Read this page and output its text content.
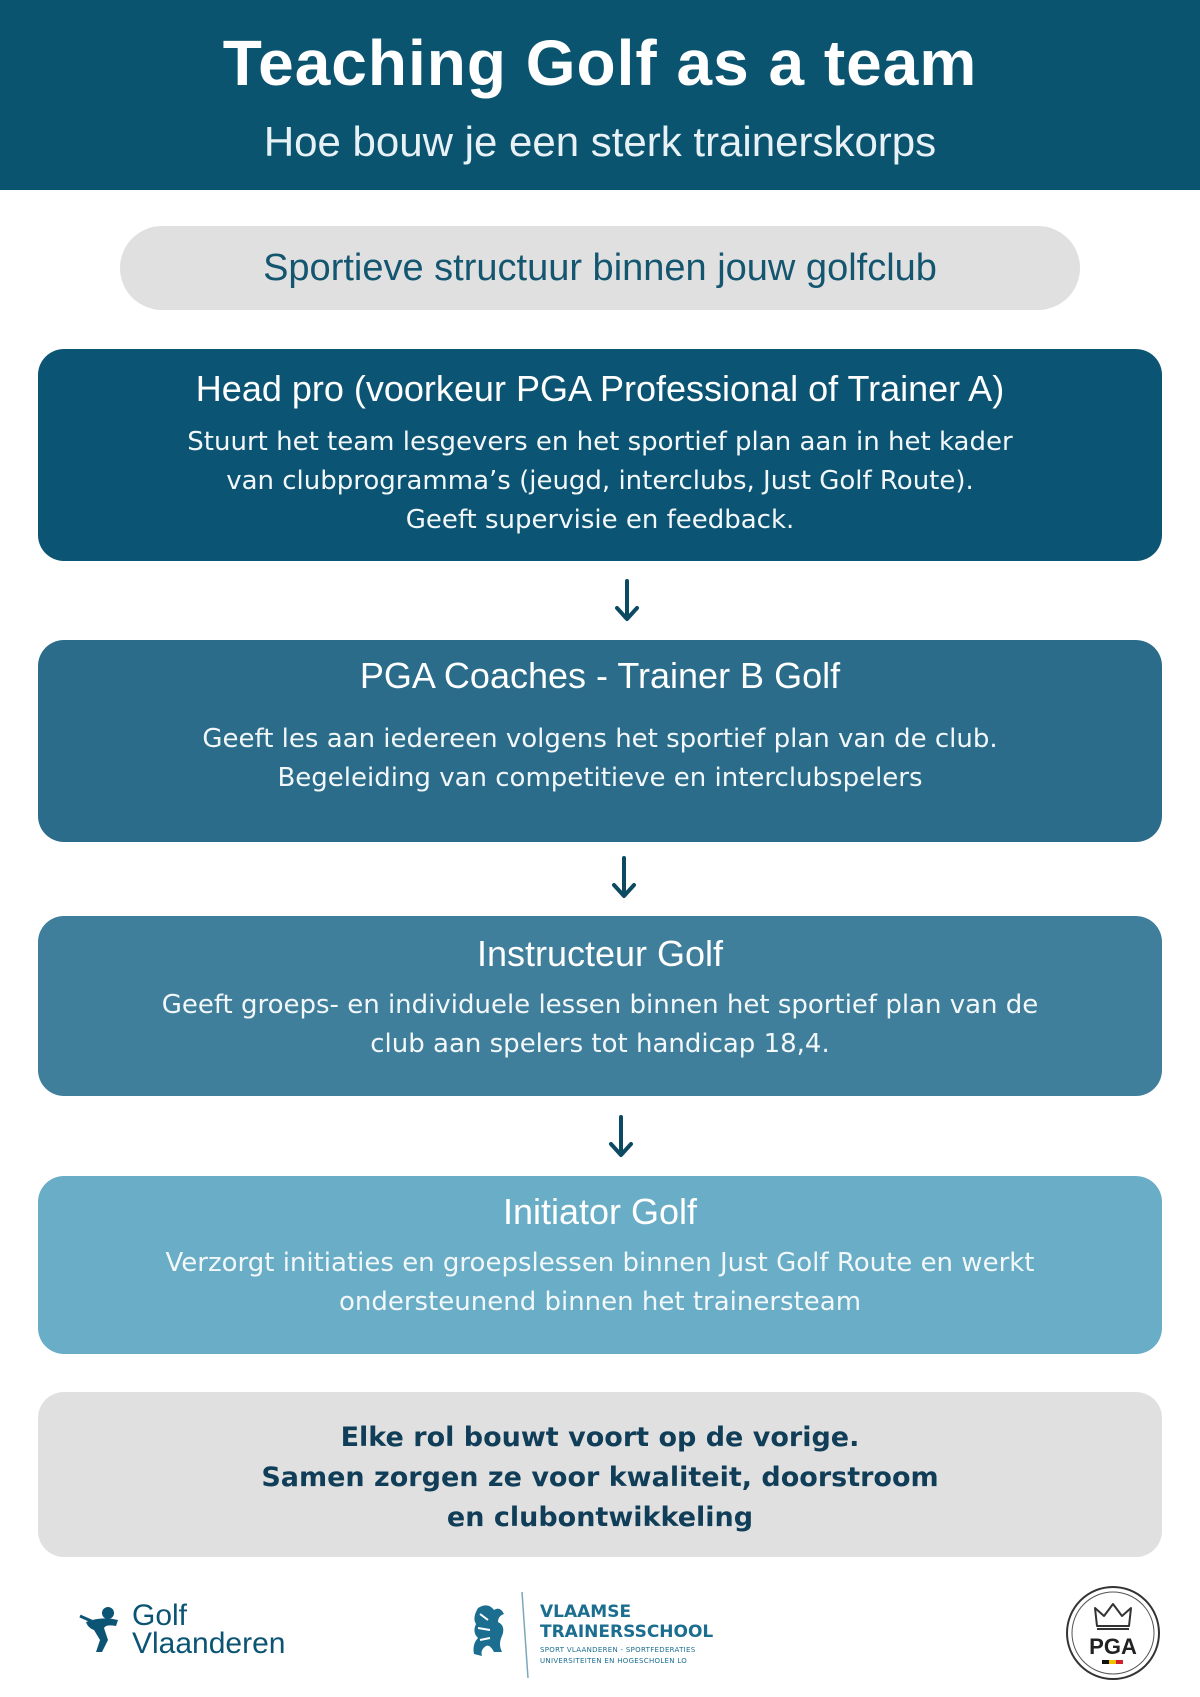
Teaching Golf as a team
Hoe bouw je een sterk trainerskorps
Sportieve structuur binnen jouw golfclub
Head pro (voorkeur PGA Professional of Trainer A)
Stuurt het team lesgevers en het sportief plan aan in het kader
van clubprogramma’s (jeugd, interclubs, Just Golf Route).
Geeft supervisie en feedback.
PGA Coaches - Trainer B Golf
Geeft les aan iedereen volgens het sportief plan van de club.
Begeleiding van competitieve en interclubspelers
Instructeur Golf
Geeft groeps- en individuele lessen binnen het sportief plan van de
club aan spelers tot handicap 18,4.
Initiator Golf
Verzorgt initiaties en groepslessen binnen Just Golf Route en werkt
ondersteunend binnen het trainersteam
Elke rol bouwt voort op de vorige.
Samen zorgen ze voor kwaliteit, doorstroom
en clubontwikkeling
Golf
Vlaanderen
VLAAMSE
TRAINERSSCHOOL
SPORT VLAANDEREN - SPORTFEDERATIES
UNIVERSITEITEN EN HOGESCHOLEN LO
PGA
